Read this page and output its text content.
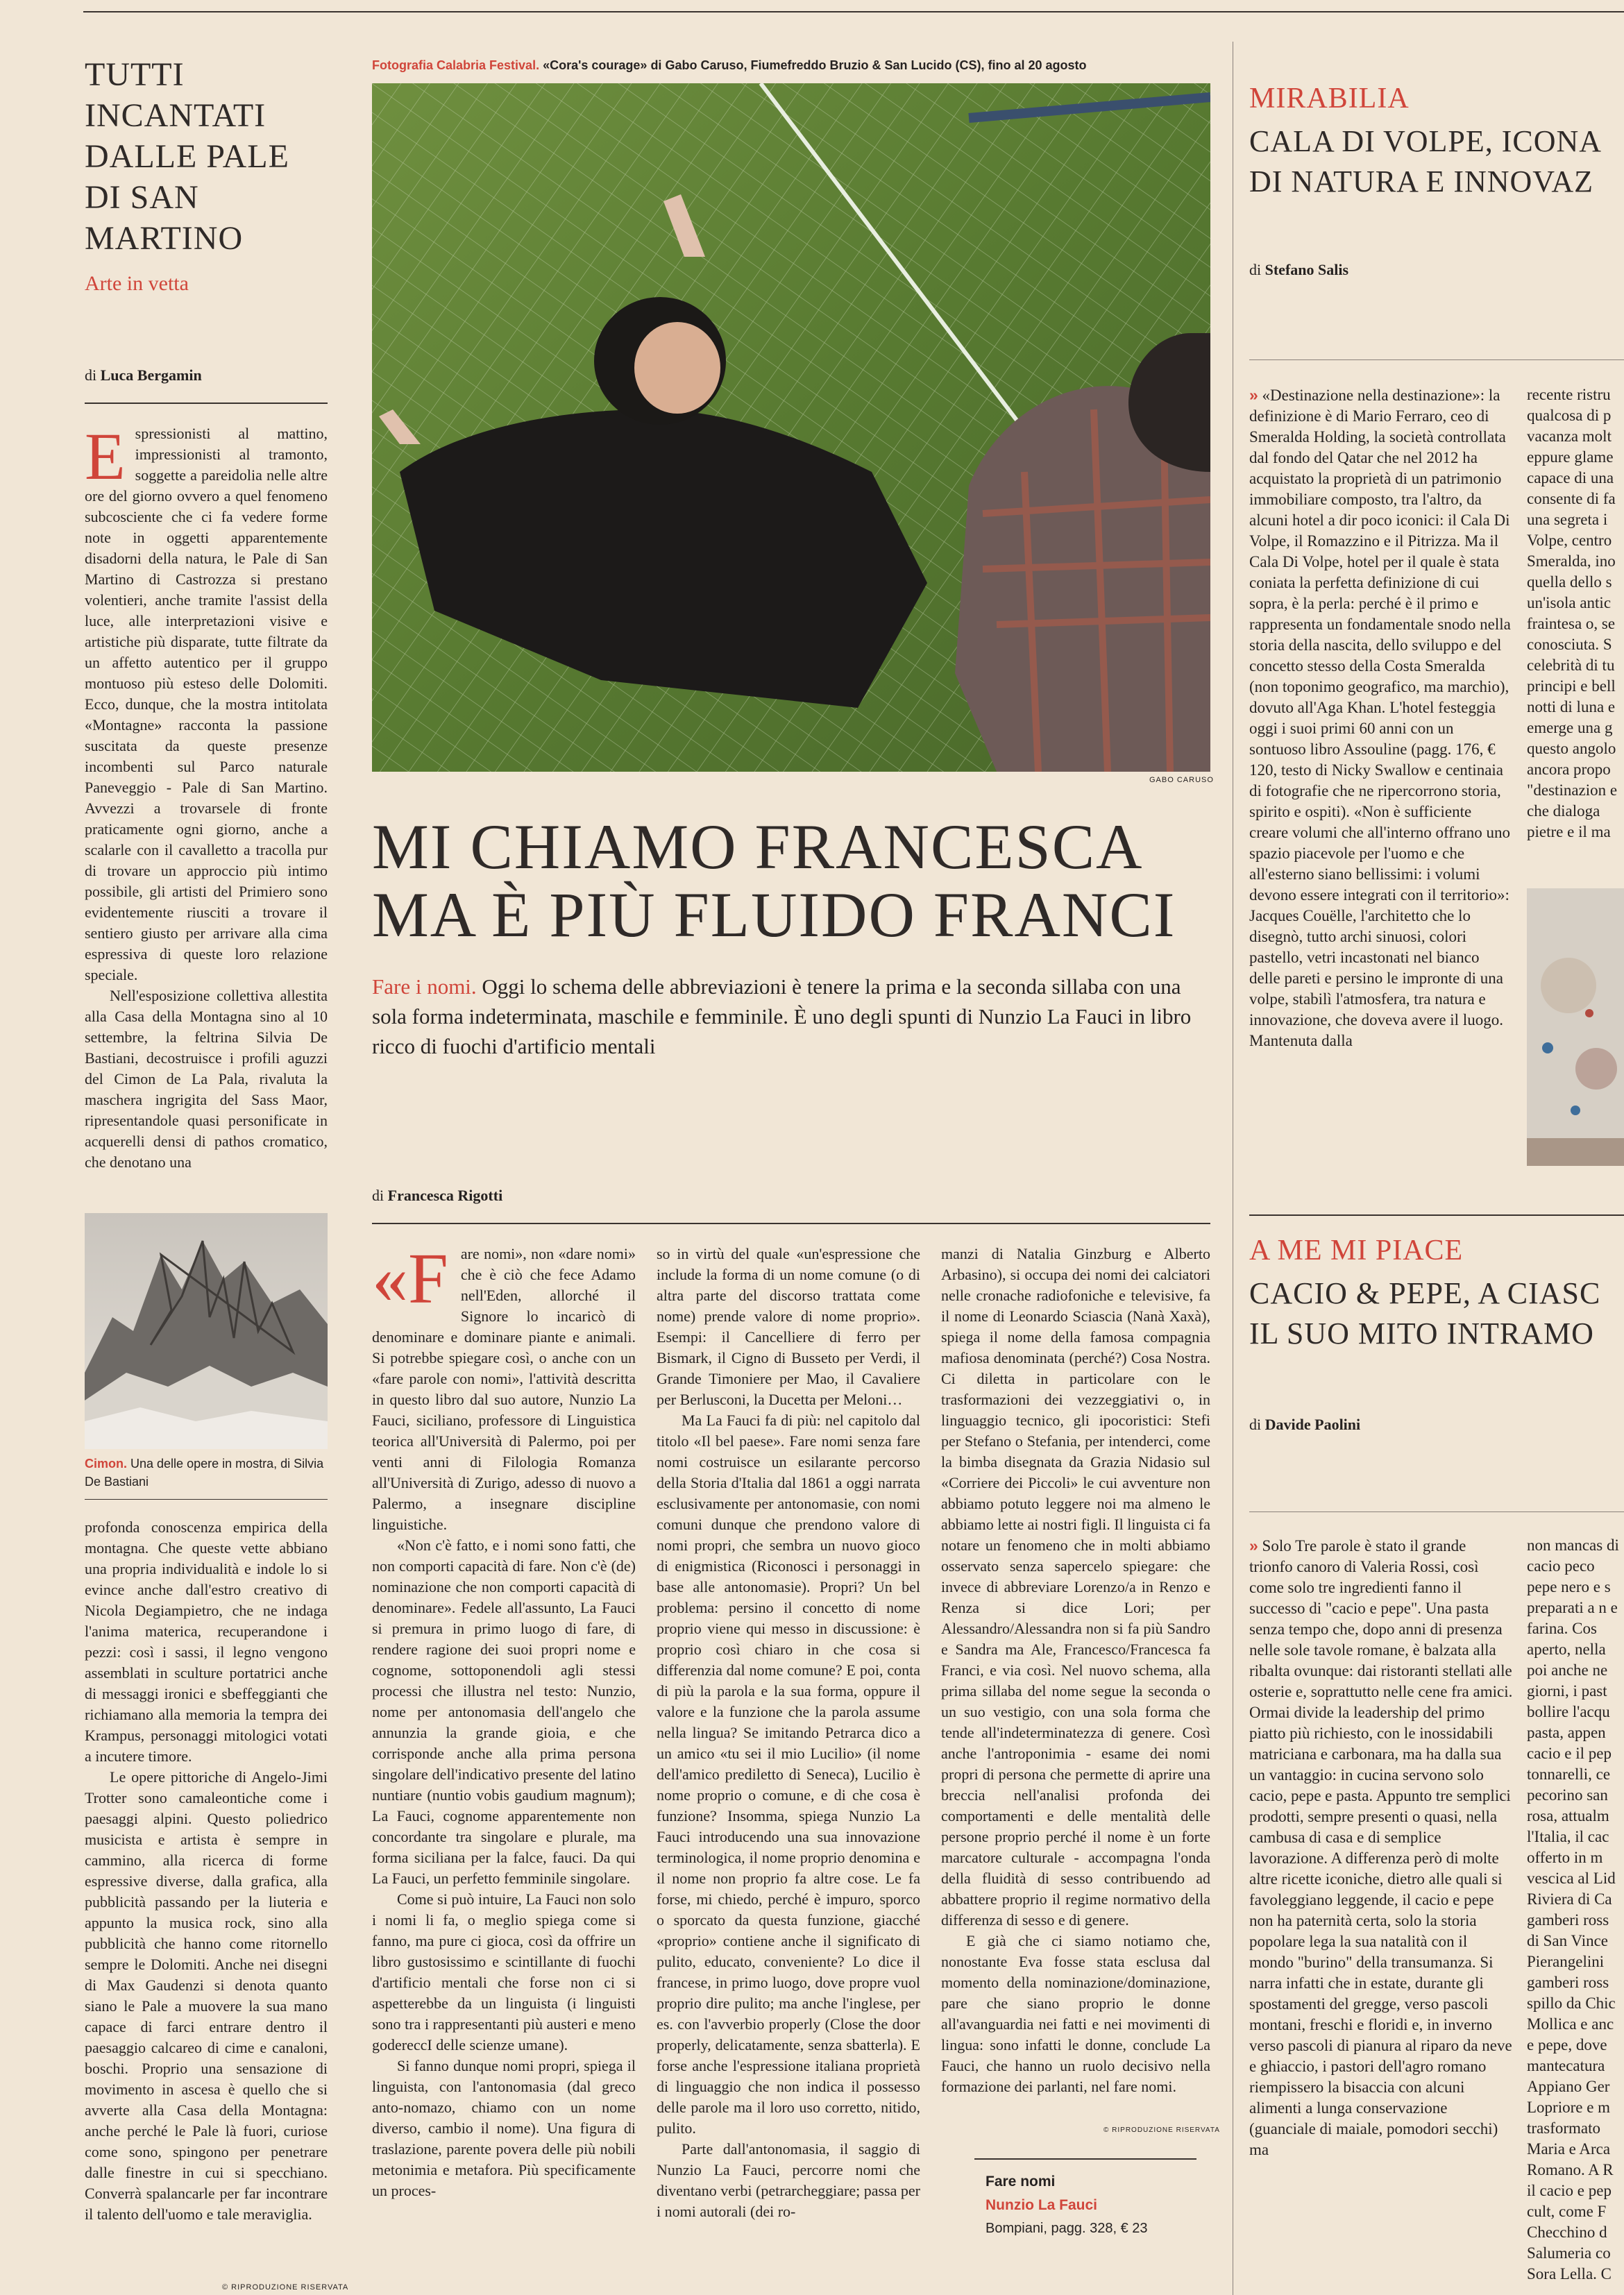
TUTTI INCANTATI DALLE PALE DI SAN MARTINO
Arte in vetta
di Luca Bergamin

Espressionisti al mattino, impressionisti al tramonto, soggette a pareidolia nelle altre ore del giorno ovvero a quel fenomeno subcosciente che ci fa vedere forme note in oggetti apparentemente disadorni della natura, le Pale di San Martino di Castrozza si prestano volentieri, anche tramite l'assist della luce, alle interpretazioni visive e artistiche più disparate, tutte filtrate da un affetto autentico per il gruppo montuoso più esteso delle Dolomiti. Ecco, dunque, che la mostra intitolata «Montagne» racconta la passione suscitata da queste presenze incombenti sul Parco naturale Paneveggio - Pale di San Martino. Avvezzi a trovarsele di fronte praticamente ogni giorno, anche a scalarle con il cavalletto a tracolla pur di trovare un approccio più intimo possibile, gli artisti del Primiero sono evidentemente riusciti a trovare il sentiero giusto per arrivare alla cima espressiva di queste loro relazione speciale.

Nell'esposizione collettiva allestita alla Casa della Montagna sino al 10 settembre, la feltrina Silvia De Bastiani, decostruisce i profili aguzzi del Cimon de La Pala, rivaluta la maschera ingrigita del Sass Maor, ripresentandole quasi personificate in acquerelli densi di pathos cromatico, che denotano una

Cimon. Una delle opere in mostra, di Silvia De Bastiani

profonda conoscenza empirica della montagna. Che queste vette abbiano una propria individualità e indole lo si evince anche dall'estro creativo di Nicola Degiampietro, che ne indaga l'anima materica, recuperandone i pezzi: così i sassi, il legno vengono assemblati in sculture portatrici anche di messaggi ironici e sbeffeggianti che richiamano alla memoria la tempra dei Krampus, personaggi mitologici votati a incutere timore.

Le opere pittoriche di Angelo-Jimi Trotter sono camaleontiche come i paesaggi alpini. Questo poliedrico musicista e artista è sempre in cammino, alla ricerca di forme espressive diverse, dalla grafica, alla pubblicità passando per la liuteria e appunto la musica rock, sino alla pubblicità che hanno come ritornello sempre le Dolomiti. Anche nei disegni di Max Gaudenzi si denota quanto siano le Pale a muovere la sua mano capace di farci entrare dentro il paesaggio calcareo di cime e canaloni, boschi. Proprio una sensazione di movimento in ascesa è quello che si avverte alla Casa della Montagna: anche perché le Pale là fuori, curiose come sono, spingono per penetrare dalle finestre in cui si specchiano. Converrà spalancarle per far incontrare il talento dell'uomo e tale meraviglia.

© RIPRODUZIONE RISERVATA
Fotografia Calabria Festival. «Cora's courage» di Gabo Caruso, Fiumefreddo Bruzio & San Lucido (CS), fino al 20 agosto
GABO CARUSO
MI CHIAMO FRANCESCA
MA È PIÙ FLUIDO FRANCI
Fare i nomi. Oggi lo schema delle abbreviazioni è tenere la prima e la seconda sillaba con una sola forma indeterminata, maschile e femminile. È uno degli spunti di Nunzio La Fauci in libro ricco di fuochi d'artificio mentali
di Francesca Rigotti

«Fare nomi», non «dare nomi» che è ciò che fece Adamo nell'Eden, allorché il Signore lo incaricò di denominare e dominare piante e animali. Si potrebbe spiegare così, o anche con un «fare parole con nomi», l'attività descritta in questo libro dal suo autore, Nunzio La Fauci, siciliano, professore di Linguistica teorica all'Università di Palermo, poi per venti anni di Filologia Romanza all'Università di Zurigo, adesso di nuovo a Palermo, a insegnare discipline linguistiche.

«Non c'è fatto, e i nomi sono fatti, che non comporti capacità di fare. Non c'è (de) nominazione che non comporti capacità di denominare». Fedele all'assunto, La Fauci si premura in primo luogo di fare, di rendere ragione dei suoi propri nome e cognome, sottoponendoli agli stessi processi che illustra nel testo: Nunzio, nome per antonomasia dell'angelo che annunzia la grande gioia, e che corrisponde anche alla prima persona singolare dell'indicativo presente del latino nuntiare (nuntio vobis gaudium magnum); La Fauci, cognome apparentemente non concordante tra singolare e plurale, ma forma siciliana per la falce, fauci. Da qui La Fauci, un perfetto femminile singolare.

Come si può intuire, La Fauci non solo i nomi li fa, o meglio spiega come si fanno, ma pure ci gioca, così da offrire un libro gustosissimo e scintillante di fuochi d'artificio mentali che forse non ci si aspetterebbe da un linguista (i linguisti sono tra i rappresentanti più austeri e meno godereccI delle scienze umane).

Si fanno dunque nomi propri, spiega il linguista, con l'antonomasia (dal greco anto-nomazo, chiamo con un nome diverso, cambio il nome). Una figura di traslazione, parente povera delle più nobili metonimia e metafora. Più specificamente un proces-

so in virtù del quale «un'espressione che include la forma di un nome comune (o di altra parte del discorso trattata come nome) prende valore di nome proprio». Esempi: il Cancelliere di ferro per Bismark, il Cigno di Busseto per Verdi, il Grande Timoniere per Mao, il Cavaliere per Berlusconi, la Ducetta per Meloni…

Ma La Fauci fa di più: nel capitolo dal titolo «Il bel paese». Fare nomi senza fare nomi costruisce un esilarante percorso della Storia d'Italia dal 1861 a oggi narrata esclusivamente per antonomasie, con nomi comuni dunque che prendono valore di nomi propri, che sembra un nuovo gioco di enigmistica (Riconosci i personaggi in base alle antonomasie). Propri? Un bel problema: persino il concetto di nome proprio viene qui messo in discussione: è proprio così chiaro in che cosa si differenzia dal nome comune? E poi, conta di più la parola e la sua forma, oppure il valore e la funzione che la parola assume nella lingua? Se imitando Petrarca dico a un amico «tu sei il mio Lucilio» (il nome dell'amico prediletto di Seneca), Lucilio è nome proprio o comune, e di che cosa è funzione? Insomma, spiega Nunzio La Fauci introducendo una sua innovazione terminologica, il nome proprio denomina e il nome non proprio fa altre cose. Le fa forse, mi chiedo, perché è impuro, sporco o sporcato da questa funzione, giacché «proprio» contiene anche il significato di pulito, educato, conveniente? Lo dice il francese, in primo luogo, dove propre vuol proprio dire pulito; ma anche l'inglese, per es. con l'avverbio properly (Close the door properly, delicatamente, senza sbatterla). E forse anche l'espressione italiana proprietà di linguaggio che non indica il possesso delle parole ma il loro uso corretto, nitido, pulito.

Parte dall'antonomasia, il saggio di Nunzio La Fauci, percorre nomi che diventano verbi (petrarcheggiare; passa per i nomi autorali (dei ro-

manzi di Natalia Ginzburg e Alberto Arbasino), si occupa dei nomi dei calciatori nelle cronache radiofoniche e televisive, fa il nome di Leonardo Sciascia (Nanà Xaxà), spiega il nome della famosa compagnia mafiosa denominata (perché?) Cosa Nostra. Ci diletta in particolare con le trasformazioni dei vezzeggiativi o, in linguaggio tecnico, gli ipocoristici: Stefi per Stefano o Stefania, per intenderci, come la bimba disegnata da Grazia Nidasio sul «Corriere dei Piccoli» le cui avventure non abbiamo potuto leggere noi ma almeno le abbiamo lette ai nostri figli. Il linguista ci fa notare un fenomeno che in molti abbiamo osservato senza sapercelo spiegare: che invece di abbreviare Lorenzo/a in Renzo e Renza si dice Lori; per Alessandro/Alessandra non si fa più Sandro e Sandra ma Ale, Francesco/Francesca fa Franci, e via così. Nel nuovo schema, alla prima sillaba del nome segue la seconda o un suo vestigio, con una sola forma che tende all'indeterminatezza di genere. Così anche l'antroponimia - esame dei nomi propri di persona che permette di aprire una breccia nell'analisi profonda dei comportamenti e delle mentalità delle persone proprio perché il nome è un forte marcatore culturale - accompagna l'onda della fluidità di sesso contribuendo ad abbattere proprio il regime normativo della differenza di sesso e di genere.

E già che ci siamo notiamo che, nonostante Eva fosse stata esclusa dal momento della nominazione/dominazione, pare che siano proprio le donne all'avanguardia nei fatti e nei movimenti di lingua: sono infatti le donne, conclude La Fauci, che hanno un ruolo decisivo nella formazione dei parlanti, nel fare nomi.

© RIPRODUZIONE RISERVATA
Fare nomi
Nunzio La Fauci
Bompiani, pagg. 328, € 23
MIRABILIA
CALA DI VOLPE, ICONA
DI NATURA E INNOVAZ
di Stefano Salis
» «Destinazione nella destinazione»: la definizione è di Mario Ferraro, ceo di Smeralda Holding, la società controllata dal fondo del Qatar che nel 2012 ha acquistato la proprietà di un patrimonio immobiliare composto, tra l'altro, da alcuni hotel a dir poco iconici: il Cala Di Volpe, il Romazzino e il Pitrizza. Ma il Cala Di Volpe, hotel per il quale è stata coniata la perfetta definizione di cui sopra, è la perla: perché è il primo e rappresenta un fondamentale snodo nella storia della nascita, dello sviluppo e del concetto stesso della Costa Smeralda (non toponimo geografico, ma marchio), dovuto all'Aga Khan. L'hotel festeggia oggi i suoi primi 60 anni con un sontuoso libro Assouline (pagg. 176, € 120, testo di Nicky Swallow e centinaia di fotografie che ne ripercorrono storia, spirito e ospiti). «Non è sufficiente creare volumi che all'interno offrano uno spazio piacevole per l'uomo e che all'esterno siano bellissimi: i volumi devono essere integrati con il territorio»: Jacques Couëlle, l'architetto che lo disegnò, tutto archi sinuosi, colori pastello, vetri incastonati nel bianco delle pareti e persino le impronte di una volpe, stabilì l'atmosfera, tra natura e innovazione, che doveva avere il luogo. Mantenuta dalla
recente ristru qualcosa di p vacanza molt eppure glame capace di una consente di fa una segreta i Volpe, centro Smeralda, ino quella dello s un'isola antic fraintesa o, se conosciuta. S celebrità di tu principi e bell notti di luna e emerge una g questo angolo ancora propo "destinazion e che dialoga pietre e il ma
A ME MI PIACE
CACIO & PEPE, A CIASC
IL SUO MITO INTRAMO
di Davide Paolini
» Solo Tre parole è stato il grande trionfo canoro di Valeria Rossi, così come solo tre ingredienti fanno il successo di "cacio e pepe". Una pasta senza tempo che, dopo anni di presenza nelle sole tavole romane, è balzata alla ribalta ovunque: dai ristoranti stellati alle osterie e, soprattutto nelle cene fra amici. Ormai divide la leadership del primo piatto più richiesto, con le inossidabili matriciana e carbonara, ma ha dalla sua un vantaggio: in cucina servono solo cacio, pepe e pasta. Appunto tre semplici prodotti, sempre presenti o quasi, nella cambusa di casa e di semplice lavorazione. A differenza però di molte altre ricette iconiche, dietro alle quali si favoleggiano leggende, il cacio e pepe non ha paternità certa, solo la storia popolare lega la sua natalità con il mondo "burino" della transumanza. Si narra infatti che in estate, durante gli spostamenti del gregge, verso pascoli montani, freschi e floridi e, in inverno verso pascoli di pianura al riparo da neve e ghiaccio, i pastori dell'agro romano riempissero la bisaccia con alcuni alimenti a lunga conservazione (guanciale di maiale, pomodori secchi) ma
non mancas di cacio peco pepe nero e s preparati a n e farina. Cos aperto, nella poi anche ne giorni, i past bollire l'acqu pasta, appen cacio e il pep tonnarelli, ce pecorino san rosa, attualm l'Italia, il cac offerto in m vescica al Lid Riviera di Ca gamberi ross di San Vince Pierangelini gamberi ross spillo da Chic Mollica e anc e pepe, dove mantecatura Appiano Ger Lopriore e m trasformato Maria e Arca Romano. A R il cacio e pep cult, come F Checchino d Salumeria co Sora Lella. C
